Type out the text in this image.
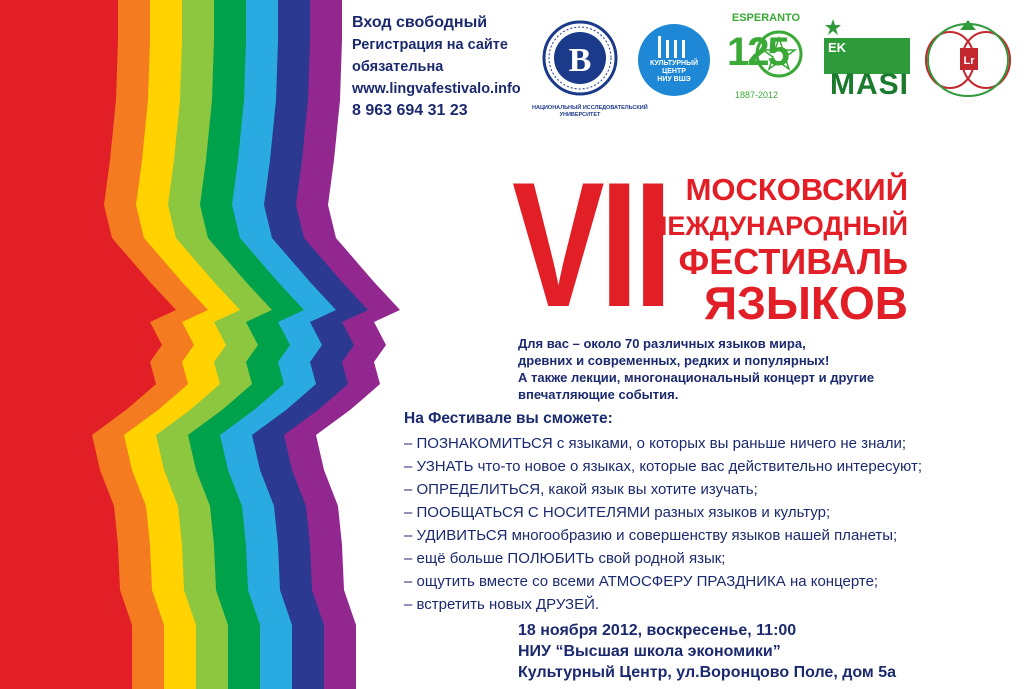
Вход свободный
Регистрация на сайте
обязательна
www.lingvafestivalo.info
8 963 694 31 23
В
НАЦИОНАЛЬНЫЙ ИССЛЕДОВАТЕЛЬСКИЙ
УНИВЕРСИТЕТ
КУЛЬТУРНЫЙ
ЦЕНТР
НИУ ВШЭ
ESPERANTO
125
1887-2012
EK
MASI
Lr
VII МОСКОВСКИЙ
МЕЖДУНАРОДНЫЙ
ФЕСТИВАЛЬ
ЯЗЫКОВ
Для вас – около 70 различных языков мира,
древних и современных, редких и популярных!
А также лекции, многонациональный концерт и другие
впечатляющие события.
На Фестивале вы сможете:
– ПОЗНАКОМИТЬСЯ с языками, о которых вы раньше ничего не знали;
– УЗНАТЬ что-то новое о языках, которые вас действительно интересуют;
– ОПРЕДЕЛИТЬСЯ, какой язык вы хотите изучать;
– ПООБЩАТЬСЯ С НОСИТЕЛЯМИ разных языков и культур;
– УДИВИТЬСЯ многообразию и совершенству языков нашей планеты;
– ещё больше ПОЛЮБИТЬ свой родной язык;
– ощутить вместе со всеми АТМОСФЕРУ ПРАЗДНИКА на концерте;
– встретить новых ДРУЗЕЙ.
18 ноября 2012, воскресенье, 11:00
НИУ “Высшая школа экономики”
Культурный Центр, ул.Воронцово Поле, дом 5а
